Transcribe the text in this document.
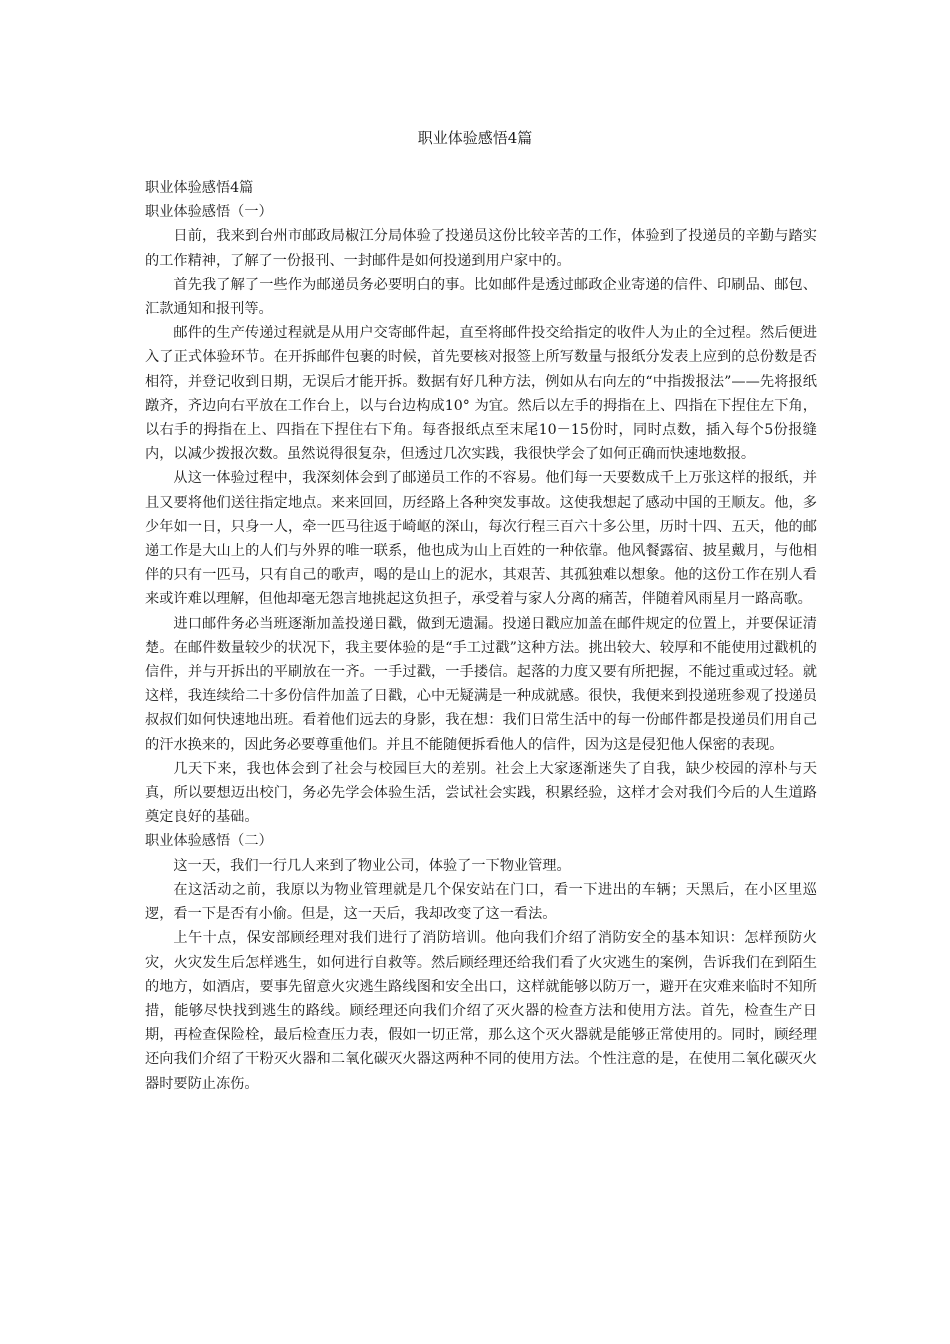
职业体验感悟4篇

职业体验感悟4篇

职业体验感悟（一）

日前，我来到台州市邮政局椒江分局体验了投递员这份比较辛苦的工作，体验到了投递员的辛勤与踏实的工作精神，了解了一份报刊、一封邮件是如何投递到用户家中的。

首先我了解了一些作为邮递员务必要明白的事。比如邮件是透过邮政企业寄递的信件、印刷品、邮包、汇款通知和报刊等。

邮件的生产传递过程就是从用户交寄邮件起，直至将邮件投交给指定的收件人为止的全过程。然后便进入了正式体验环节。在开拆邮件包裹的时候，首先要核对报签上所写数量与报纸分发表上应到的总份数是否相符，并登记收到日期，无误后才能开拆。数据有好几种方法，例如从右向左的“中指拨报法”——先将报纸蹾齐，齐边向右平放在工作台上，以与台边构成10° 为宜。然后以左手的拇指在上、四指在下捏住左下角，以右手的拇指在上、四指在下捏住右下角。每沓报纸点至末尾10－15份时，同时点数，插入每个5份报缝内，以减少拨报次数。虽然说得很复杂，但透过几次实践，我很快学会了如何正确而快速地数报。

从这一体验过程中，我深刻体会到了邮递员工作的不容易。他们每一天要数成千上万张这样的报纸，并且又要将他们送往指定地点。来来回回，历经路上各种突发事故。这使我想起了感动中国的王顺友。他，多少年如一日，只身一人，牵一匹马往返于崎岖的深山，每次行程三百六十多公里，历时十四、五天，他的邮递工作是大山上的人们与外界的唯一联系，他也成为山上百姓的一种依靠。他风餐露宿、披星戴月，与他相伴的只有一匹马，只有自己的歌声，喝的是山上的泥水，其艰苦、其孤独难以想象。他的这份工作在别人看来或许难以理解，但他却毫无怨言地挑起这负担子，承受着与家人分离的痛苦，伴随着风雨星月一路高歌。

进口邮件务必当班逐渐加盖投递日戳，做到无遗漏。投递日戳应加盖在邮件规定的位置上，并要保证清楚。在邮件数量较少的状况下，我主要体验的是“手工过戳”这种方法。挑出较大、较厚和不能使用过戳机的信件，并与开拆出的平刷放在一齐。一手过戳，一手搂信。起落的力度又要有所把握，不能过重或过轻。就这样，我连续给二十多份信件加盖了日戳，心中无疑满是一种成就感。很快，我便来到投递班参观了投递员叔叔们如何快速地出班。看着他们远去的身影，我在想：我们日常生活中的每一份邮件都是投递员们用自己的汗水换来的，因此务必要尊重他们。并且不能随便拆看他人的信件，因为这是侵犯他人保密的表现。

几天下来，我也体会到了社会与校园巨大的差别。社会上大家逐渐迷失了自我，缺少校园的淳朴与天真，所以要想迈出校门，务必先学会体验生活，尝试社会实践，积累经验，这样才会对我们今后的人生道路奠定良好的基础。

职业体验感悟（二）

这一天，我们一行几人来到了物业公司，体验了一下物业管理。

在这活动之前，我原以为物业管理就是几个保安站在门口，看一下进出的车辆；天黑后，在小区里巡逻，看一下是否有小偷。但是，这一天后，我却改变了这一看法。

上午十点，保安部顾经理对我们进行了消防培训。他向我们介绍了消防安全的基本知识：怎样预防火灾，火灾发生后怎样逃生，如何进行自救等。然后顾经理还给我们看了火灾逃生的案例，告诉我们在到陌生的地方，如酒店，要事先留意火灾逃生路线图和安全出口，这样就能够以防万一，避开在灾难来临时不知所措，能够尽快找到逃生的路线。顾经理还向我们介绍了灭火器的检查方法和使用方法。首先，检查生产日期，再检查保险栓，最后检查压力表，假如一切正常，那么这个灭火器就是能够正常使用的。同时，顾经理还向我们介绍了干粉灭火器和二氧化碳灭火器这两种不同的使用方法。个性注意的是，在使用二氧化碳灭火器时要防止冻伤。
